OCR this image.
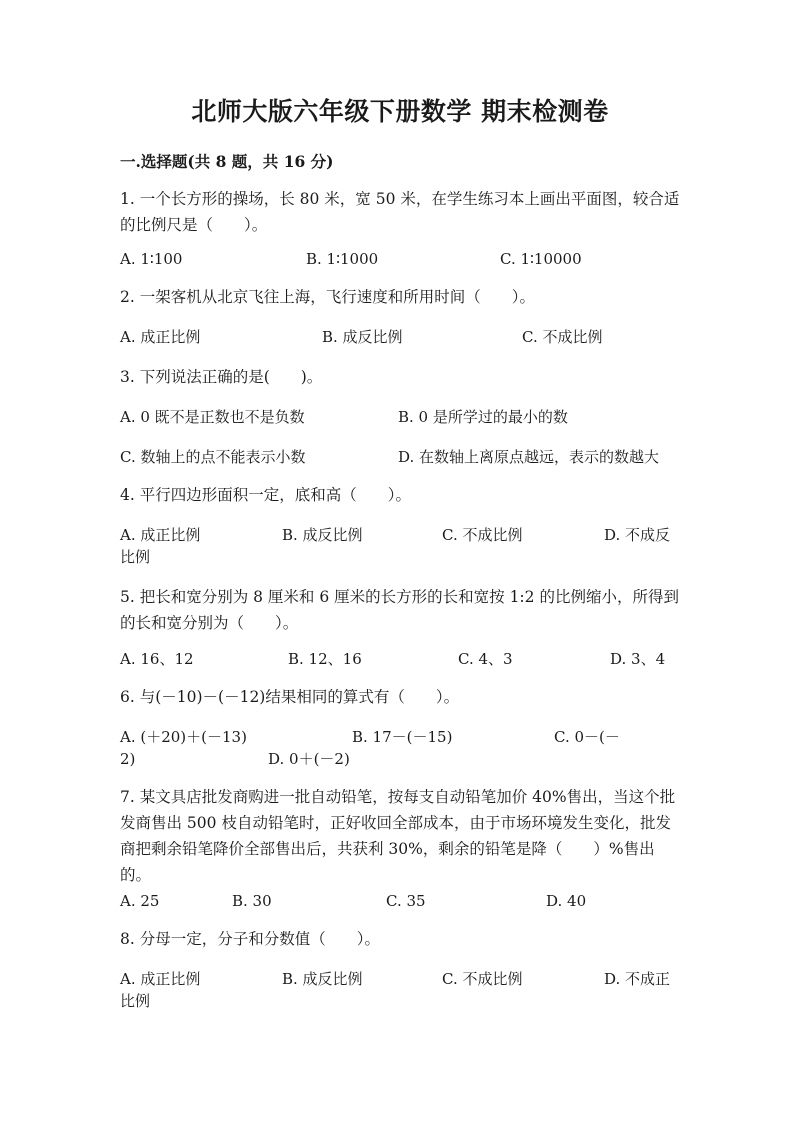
北师大版六年级下册数学 期末检测卷
一.选择题(共 8 题，共 16 分)
1. 一个长方形的操场，长 80 米，宽 50 米，在学生练习本上画出平面图，较合适的比例尺是（　　）。
A. 1∶100	B. 1∶1000	C. 1∶10000
2. 一架客机从北京飞往上海，飞行速度和所用时间（　　）。
A. 成正比例	B. 成反比例	C. 不成比例
3. 下列说法正确的是(　　)。
A. 0 既不是正数也不是负数	B. 0 是所学过的最小的数
C. 数轴上的点不能表示小数	D. 在数轴上离原点越远，表示的数越大
4. 平行四边形面积一定，底和高（　　）。
A. 成正比例	B. 成反比例	C. 不成比例	D. 不成反
比例
5. 把长和宽分别为 8 厘米和 6 厘米的长方形的长和宽按 1:2 的比例缩小，所得到的长和宽分别为（　　）。
A. 16、12	B. 12、16	C. 4、3	D. 3、4
6. 与(－10)－(－12)结果相同的算式有（　　）。
A. (＋20)＋(－13)	B. 17－(－15)	C. 0－(－
2)	D. 0＋(－2)
7. 某文具店批发商购进一批自动铅笔，按每支自动铅笔加价 40%售出，当这个批发商售出 500 枝自动铅笔时，正好收回全部成本，由于市场环境发生变化，批发商把剩余铅笔降价全部售出后，共获利 30%，剩余的铅笔是降（　　）%售出的。
A. 25	B. 30	C. 35	D. 40
8. 分母一定，分子和分数值（　　）。
A. 成正比例	B. 成反比例	C. 不成比例	D. 不成正
比例
